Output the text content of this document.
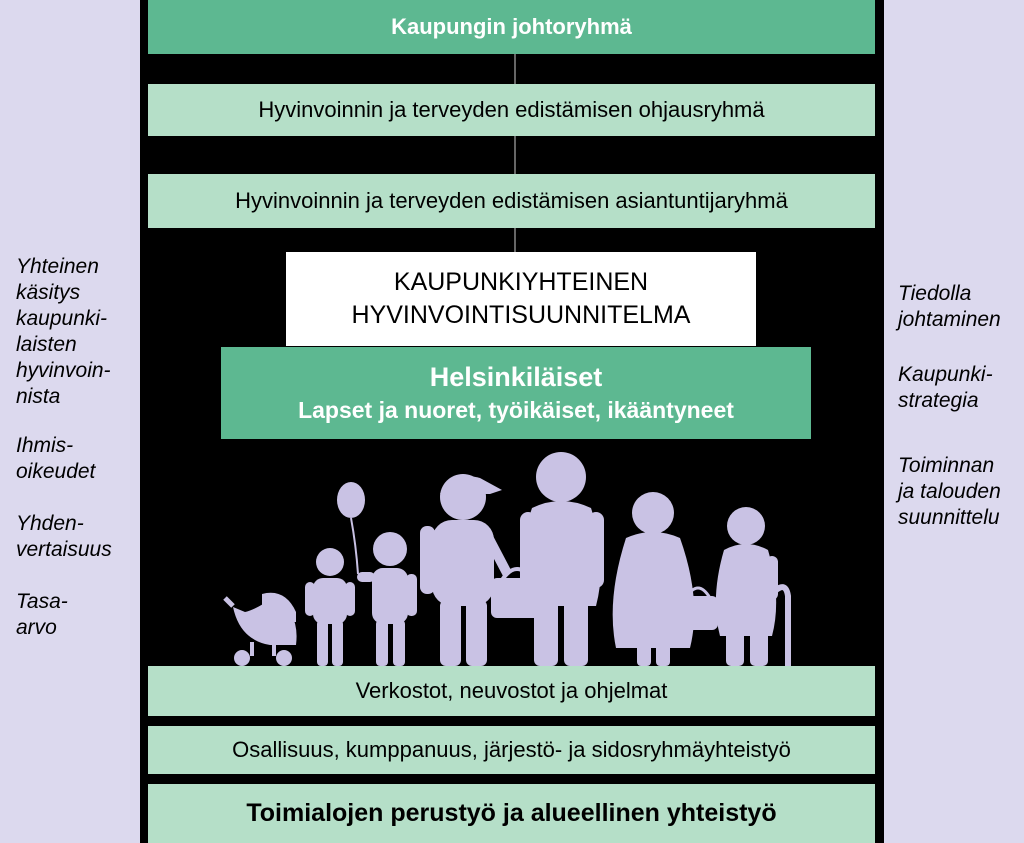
Yhteinen
käsitys
kaupunki-
laisten
hyvinvoin-
nista
Ihmis-
oikeudet
Yhden-
vertaisuus
Tasa-
arvo
Tiedolla
johtaminen
Kaupunki-
strategia
Toiminnan
ja talouden
suunnittelu
Kaupungin johtoryhmä
Hyvinvoinnin ja terveyden edistämisen ohjausryhmä
Hyvinvoinnin ja terveyden edistämisen asiantuntijaryhmä
KAUPUNKIYHTEINEN
HYVINVOINTISUUNNITELMA
Helsinkiläiset
Lapset ja nuoret, työikäiset, ikääntyneet
Verkostot, neuvostot ja ohjelmat
Osallisuus, kumppanuus, järjestö- ja sidosryhmäyhteistyö
Toimialojen perustyö ja alueellinen yhteistyö
